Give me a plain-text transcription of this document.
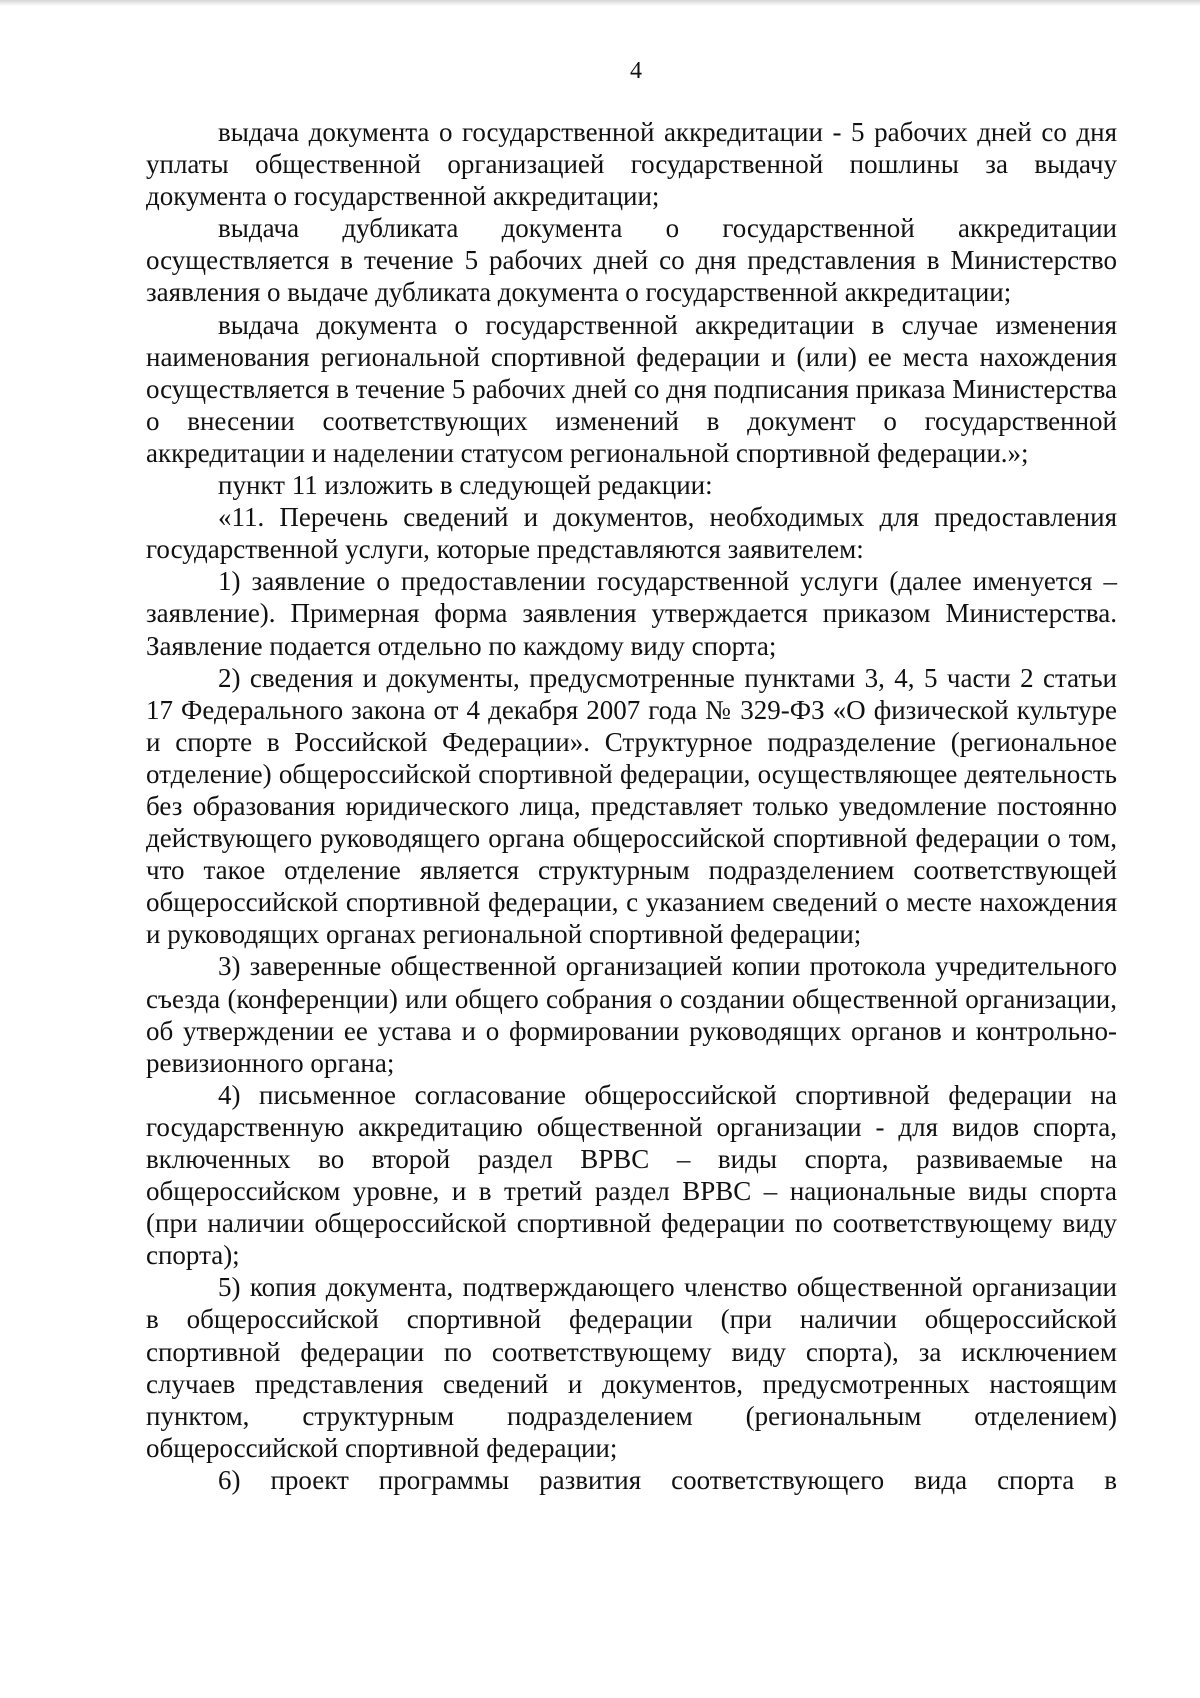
4

выдача документа о государственной аккредитации - 5 рабочих дней со дня уплаты общественной организацией государственной пошлины за выдачу документа о государственной аккредитации;

выдача дубликата документа о государственной аккредитации осуществляется в течение 5 рабочих дней со дня представления в Министерство заявления о выдаче дубликата документа о государственной аккредитации;

выдача документа о государственной аккредитации в случае изменения наименования региональной спортивной федерации и (или) ее места нахождения осуществляется в течение 5 рабочих дней со дня подписания приказа Министерства о внесении соответствующих изменений в документ о государственной аккредитации и наделении статусом региональной спортивной федерации.»;

пункт 11 изложить в следующей редакции:

«11. Перечень сведений и документов, необходимых для предоставления государственной услуги, которые представляются заявителем:

1) заявление о предоставлении государственной услуги (далее именуется – заявление). Примерная форма заявления утверждается приказом Министерства. Заявление подается отдельно по каждому виду спорта;

2) сведения и документы, предусмотренные пунктами 3, 4, 5 части 2 статьи 17 Федерального закона от 4 декабря 2007 года № 329-ФЗ «О физической культуре и спорте в Российской Федерации». Структурное подразделение (региональное отделение) общероссийской спортивной федерации, осуществляющее деятельность без образования юридического лица, представляет только уведомление постоянно действующего руководящего органа общероссийской спортивной федерации о том, что такое отделение является структурным подразделением соответствующей общероссийской спортивной федерации, с указанием сведений о месте нахождения и руководящих органах региональной спортивной федерации;

3) заверенные общественной организацией копии протокола учредительного съезда (конференции) или общего собрания о создании общественной организации, об утверждении ее устава и о формировании руководящих органов и контрольно-ревизионного органа;

4) письменное согласование общероссийской спортивной федерации на государственную аккредитацию общественной организации - для видов спорта, включенных во второй раздел ВРВС – виды спорта, развиваемые на общероссийском уровне, и в третий раздел ВРВС – национальные виды спорта (при наличии общероссийской спортивной федерации по соответствующему виду спорта);

5) копия документа, подтверждающего членство общественной организации в общероссийской спортивной федерации (при наличии общероссийской спортивной федерации по соответствующему виду спорта), за исключением случаев представления сведений и документов, предусмотренных настоящим пунктом, структурным подразделением (региональным отделением) общероссийской спортивной федерации;

6) проект программы развития соответствующего вида спорта в
